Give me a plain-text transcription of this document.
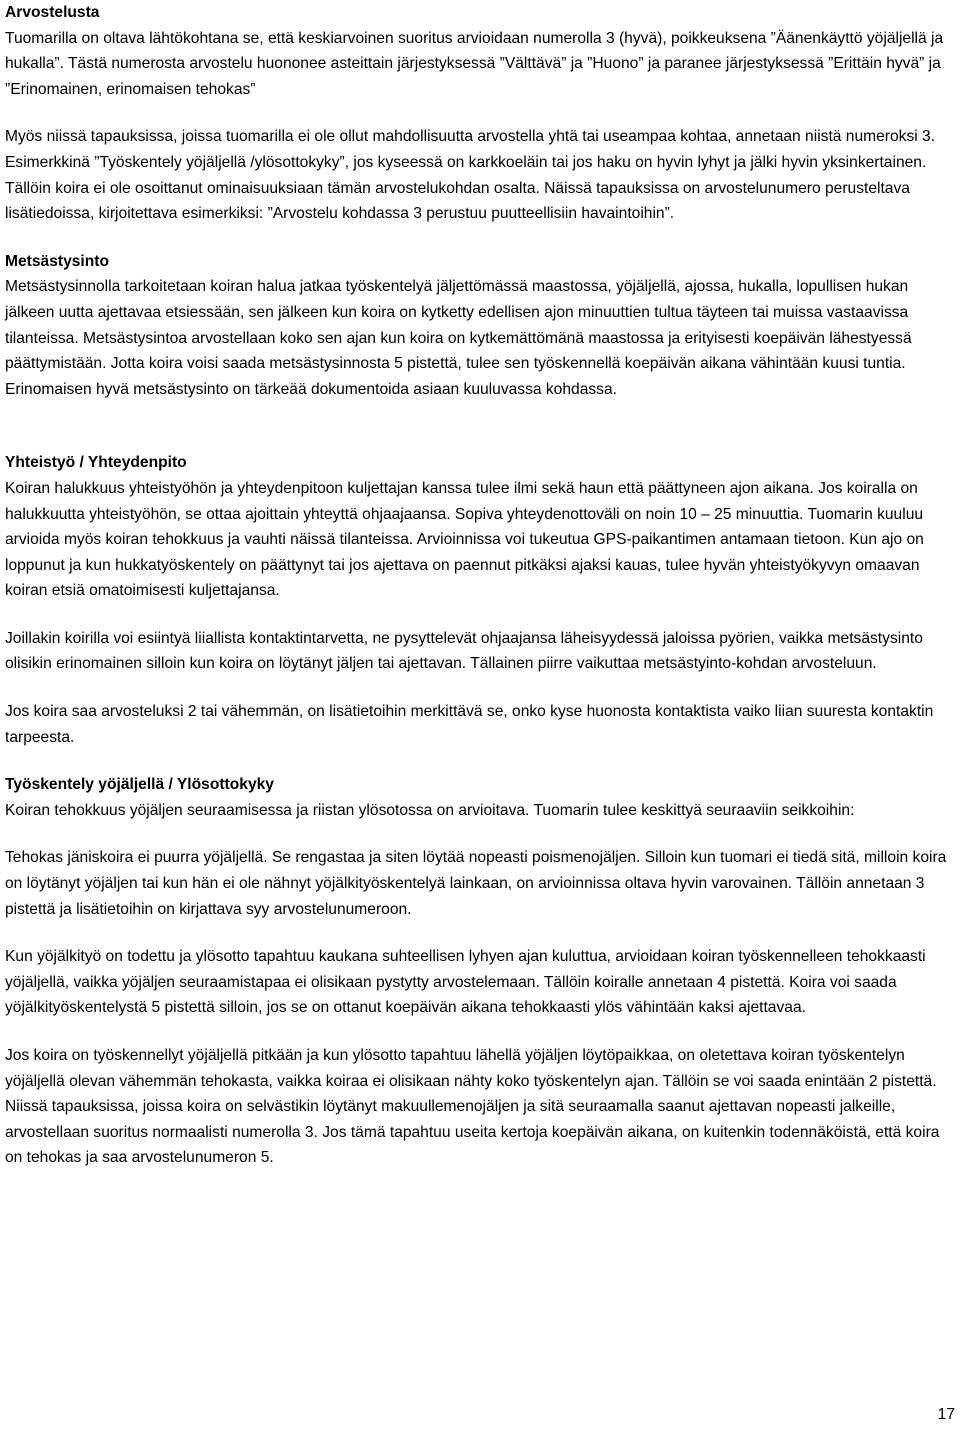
Arvostelusta

Tuomarilla on oltava lähtökohtana se, että keskiarvoinen suoritus arvioidaan numerolla 3 (hyvä), poikkeuksena ”Äänenkäyttö yöjäljellä ja hukalla”. Tästä numerosta arvostelu huononee asteittain järjestyksessä ”Välttävä” ja ”Huono” ja paranee järjestyksessä ”Erittäin hyvä” ja ”Erinomainen, erinomaisen tehokas”

Myös niissä tapauksissa, joissa tuomarilla ei ole ollut mahdollisuutta arvostella yhtä tai useampaa kohtaa, annetaan niistä numeroksi 3. Esimerkkinä ”Työskentely yöjäljellä /ylösottokyky”, jos kyseessä on karkkoeläin tai jos haku on hyvin lyhyt ja jälki hyvin yksinkertainen. Tällöin koira ei ole osoittanut ominaisuuksiaan tämän arvostelukohdan osalta. Näissä tapauksissa on arvostelunumero perusteltava lisätiedoissa, kirjoitettava esimerkiksi: ”Arvostelu kohdassa 3 perustuu puutteellisiin havaintoihin”.

Metsästysinto

Metsästysinnolla tarkoitetaan koiran halua jatkaa työskentelyä jäljettömässä maastossa, yöjäljellä, ajossa, hukalla, lopullisen hukan jälkeen uutta ajettavaa etsiessään, sen jälkeen kun koira on kytketty edellisen ajon minuuttien tultua täyteen tai muissa vastaavissa tilanteissa. Metsästysintoa arvostellaan koko sen ajan kun koira on kytkemättömänä maastossa ja erityisesti koepäivän lähestyessä päättymistään. Jotta koira voisi saada metsästysinnosta 5 pistettä, tulee sen työskennellä koepäivän aikana vähintään kuusi tuntia. Erinomaisen hyvä metsästysinto on tärkeää dokumentoida asiaan kuuluvassa kohdassa.

Yhteistyö / Yhteydenpito

Koiran halukkuus yhteistyöhön ja yhteydenpitoon kuljettajan kanssa tulee ilmi sekä haun että päättyneen ajon aikana. Jos koiralla on halukkuutta yhteistyöhön, se ottaa ajoittain yhteyttä ohjaajaansa. Sopiva yhteydenottoväli on noin 10 – 25 minuuttia. Tuomarin kuuluu arvioida myös koiran tehokkuus ja vauhti näissä tilanteissa. Arvioinnissa voi tukeutua GPS-paikantimen antamaan tietoon. Kun ajo on loppunut ja kun hukkatyöskentely on päättynyt tai jos ajettava on paennut pitkäksi ajaksi kauas, tulee hyvän yhteistyökyvyn omaavan koiran etsiä omatoimisesti kuljettajansa.

Joillakin koirilla voi esiintyä liiallista kontaktintarvetta, ne pysyttelevät ohjaajansa läheisyydessä jaloissa pyörien, vaikka metsästysinto olisikin erinomainen silloin kun koira on löytänyt jäljen tai ajettavan. Tällainen piirre vaikuttaa metsästyinto-kohdan arvosteluun.

Jos koira saa arvosteluksi 2 tai vähemmän, on lisätietoihin merkittävä se, onko kyse huonosta kontaktista vaiko liian suuresta kontaktin tarpeesta.

Työskentely yöjäljellä / Ylösottokyky

Koiran tehokkuus yöjäljen seuraamisessa ja riistan ylösotossa on arvioitava. Tuomarin tulee keskittyä seuraaviin seikkoihin:

Tehokas jäniskoira ei puurra yöjäljellä. Se rengastaa ja siten löytää nopeasti poismenojäljen. Silloin kun tuomari ei tiedä sitä, milloin koira on löytänyt yöjäljen tai kun hän ei ole nähnyt yöjälkityöskentelyä lainkaan, on arvioinnissa oltava hyvin varovainen. Tällöin annetaan 3 pistettä ja lisätietoihin on kirjattava syy arvostelunumeroon.

Kun yöjälkityö on todettu ja ylösotto tapahtuu kaukana suhteellisen lyhyen ajan kuluttua, arvioidaan koiran työskennelleen tehokkaasti yöjäljellä, vaikka yöjäljen seuraamistapaa ei olisikaan pystytty arvostelemaan. Tällöin koiralle annetaan 4 pistettä. Koira voi saada yöjälkityöskentelystä 5 pistettä silloin, jos se on ottanut koepäivän aikana tehokkaasti ylös vähintään kaksi ajettavaa.

Jos koira on työskennellyt yöjäljellä pitkään ja kun ylösotto tapahtuu lähellä yöjäljen löytöpaikkaa, on oletettava koiran työskentelyn yöjäljellä olevan vähemmän tehokasta, vaikka koiraa ei olisikaan nähty koko työskentelyn ajan. Tällöin se voi saada enintään 2 pistettä. Niissä tapauksissa, joissa koira on selvästikin löytänyt makuullemenojäljen ja sitä seuraamalla saanut ajettavan nopeasti jalkeille, arvostellaan suoritus normaalisti numerolla 3. Jos tämä tapahtuu useita kertoja koepäivän aikana, on kuitenkin todennäköistä, että koira on tehokas ja saa arvostelunumeron 5.

17
